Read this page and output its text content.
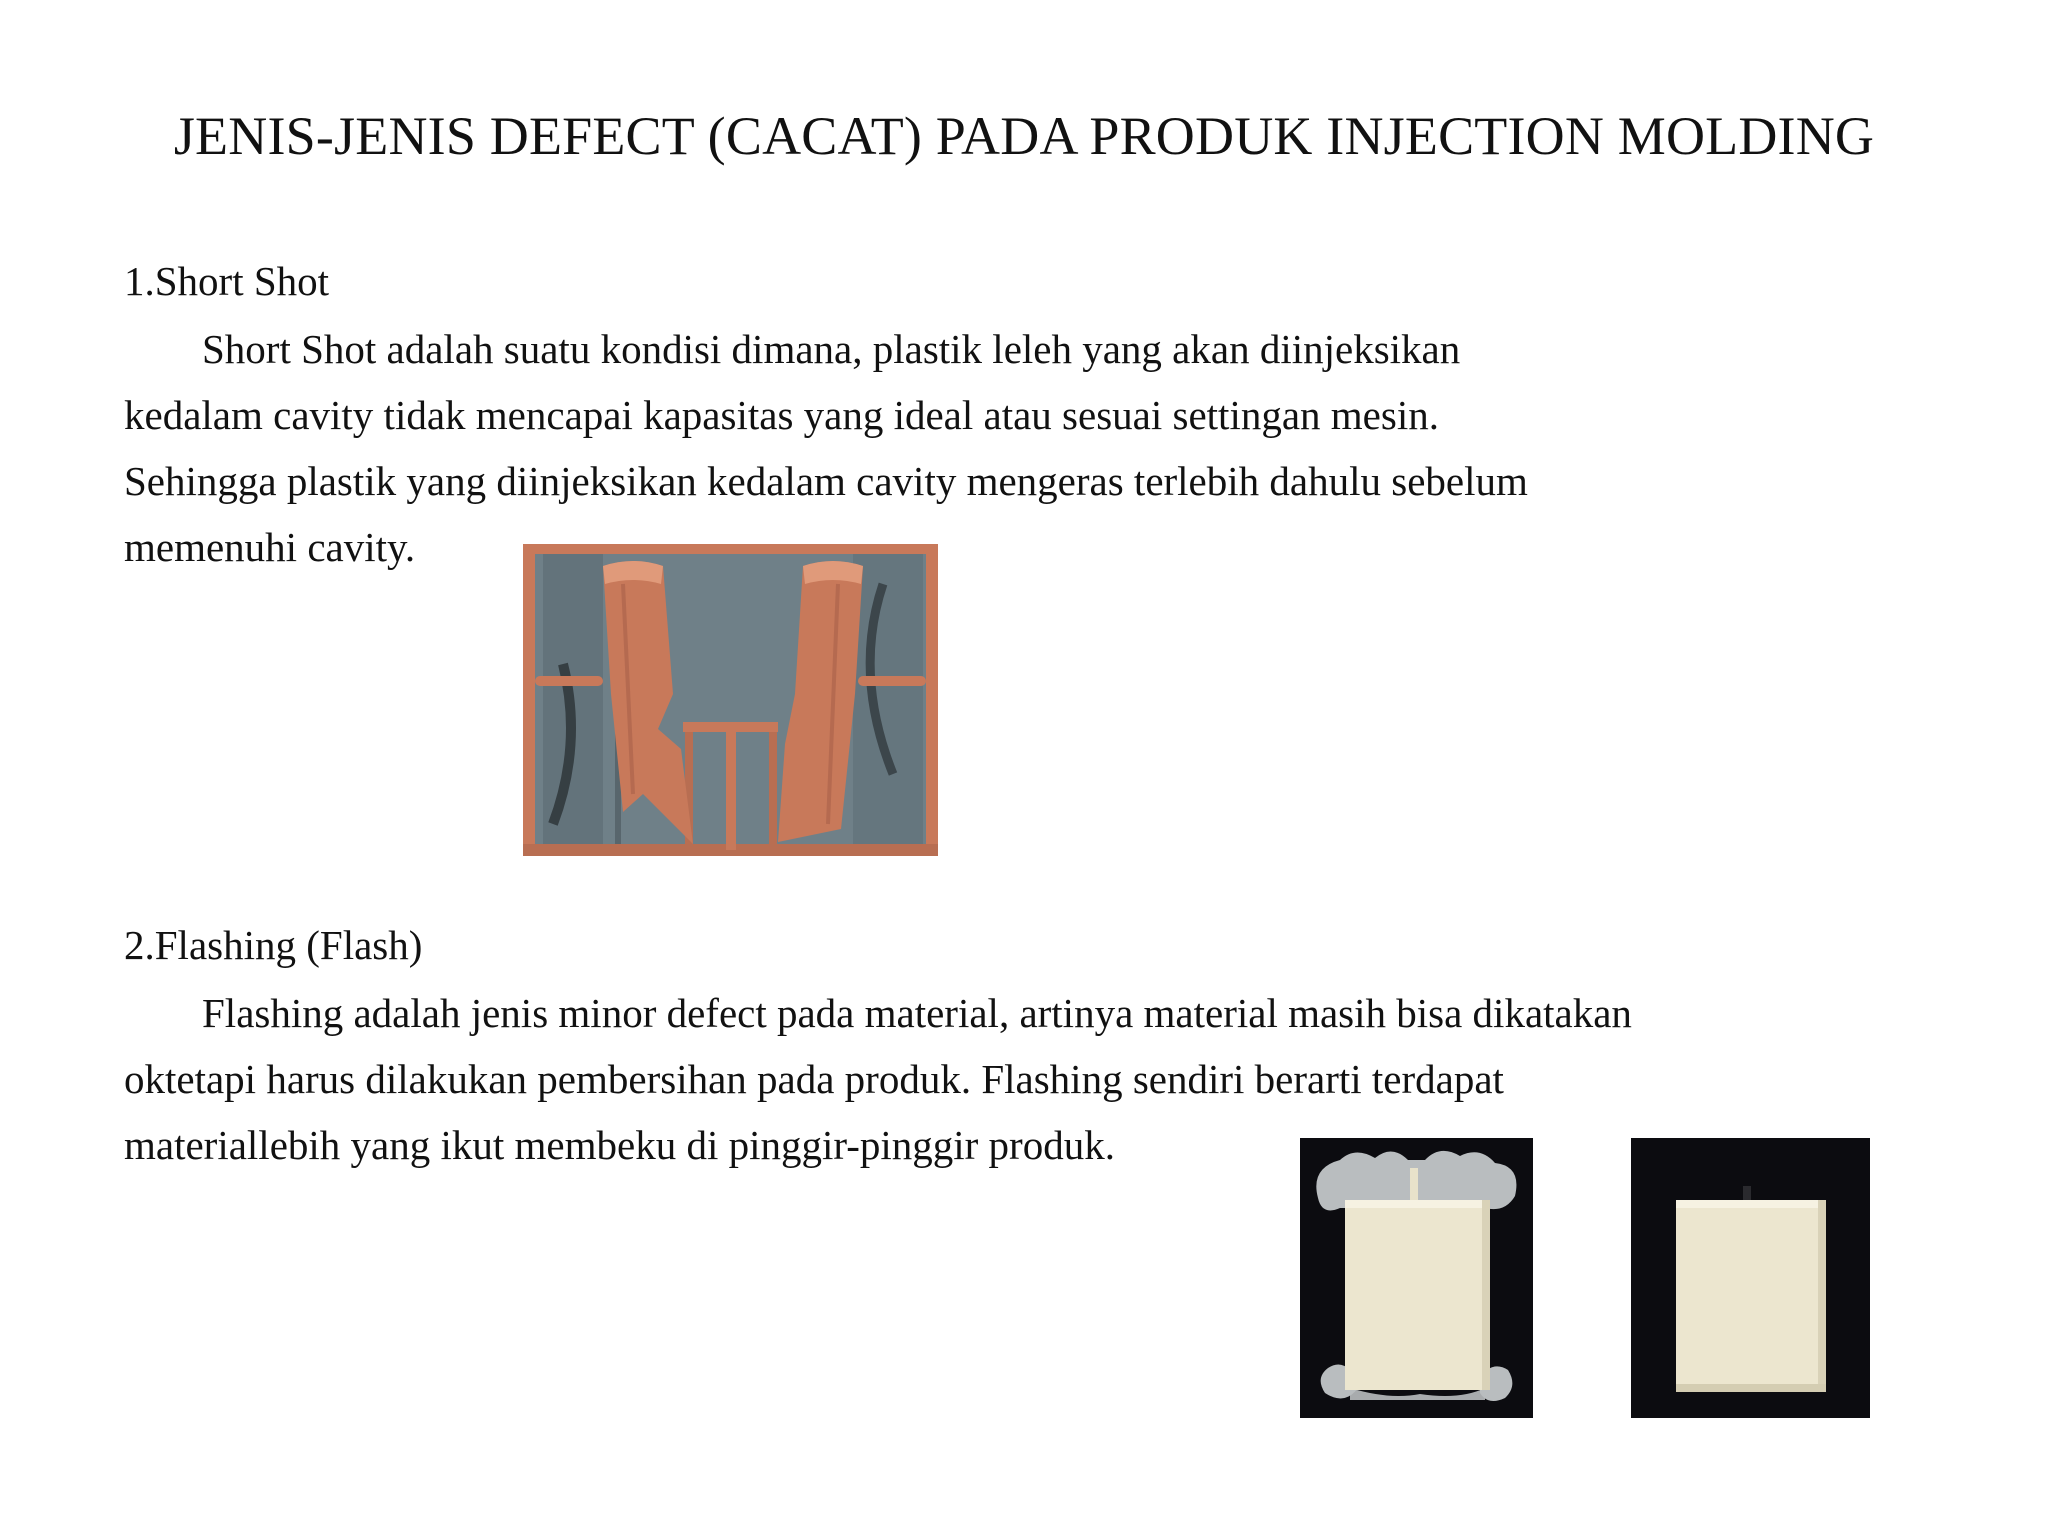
JENIS-JENIS DEFECT (CACAT) PADA PRODUK INJECTION MOLDING
1.Short Shot
Short Shot adalah suatu kondisi dimana, plastik leleh yang akan diinjeksikan
kedalam cavity tidak mencapai kapasitas yang ideal atau sesuai settingan mesin.
Sehingga plastik yang diinjeksikan kedalam cavity mengeras terlebih dahulu sebelum
memenuhi cavity.
2.Flashing (Flash)
Flashing adalah jenis minor defect pada material, artinya material masih bisa dikatakan
oktetapi harus dilakukan pembersihan pada produk. Flashing sendiri berarti terdapat
materiallebih yang ikut membeku di pinggir-pinggir produk.
